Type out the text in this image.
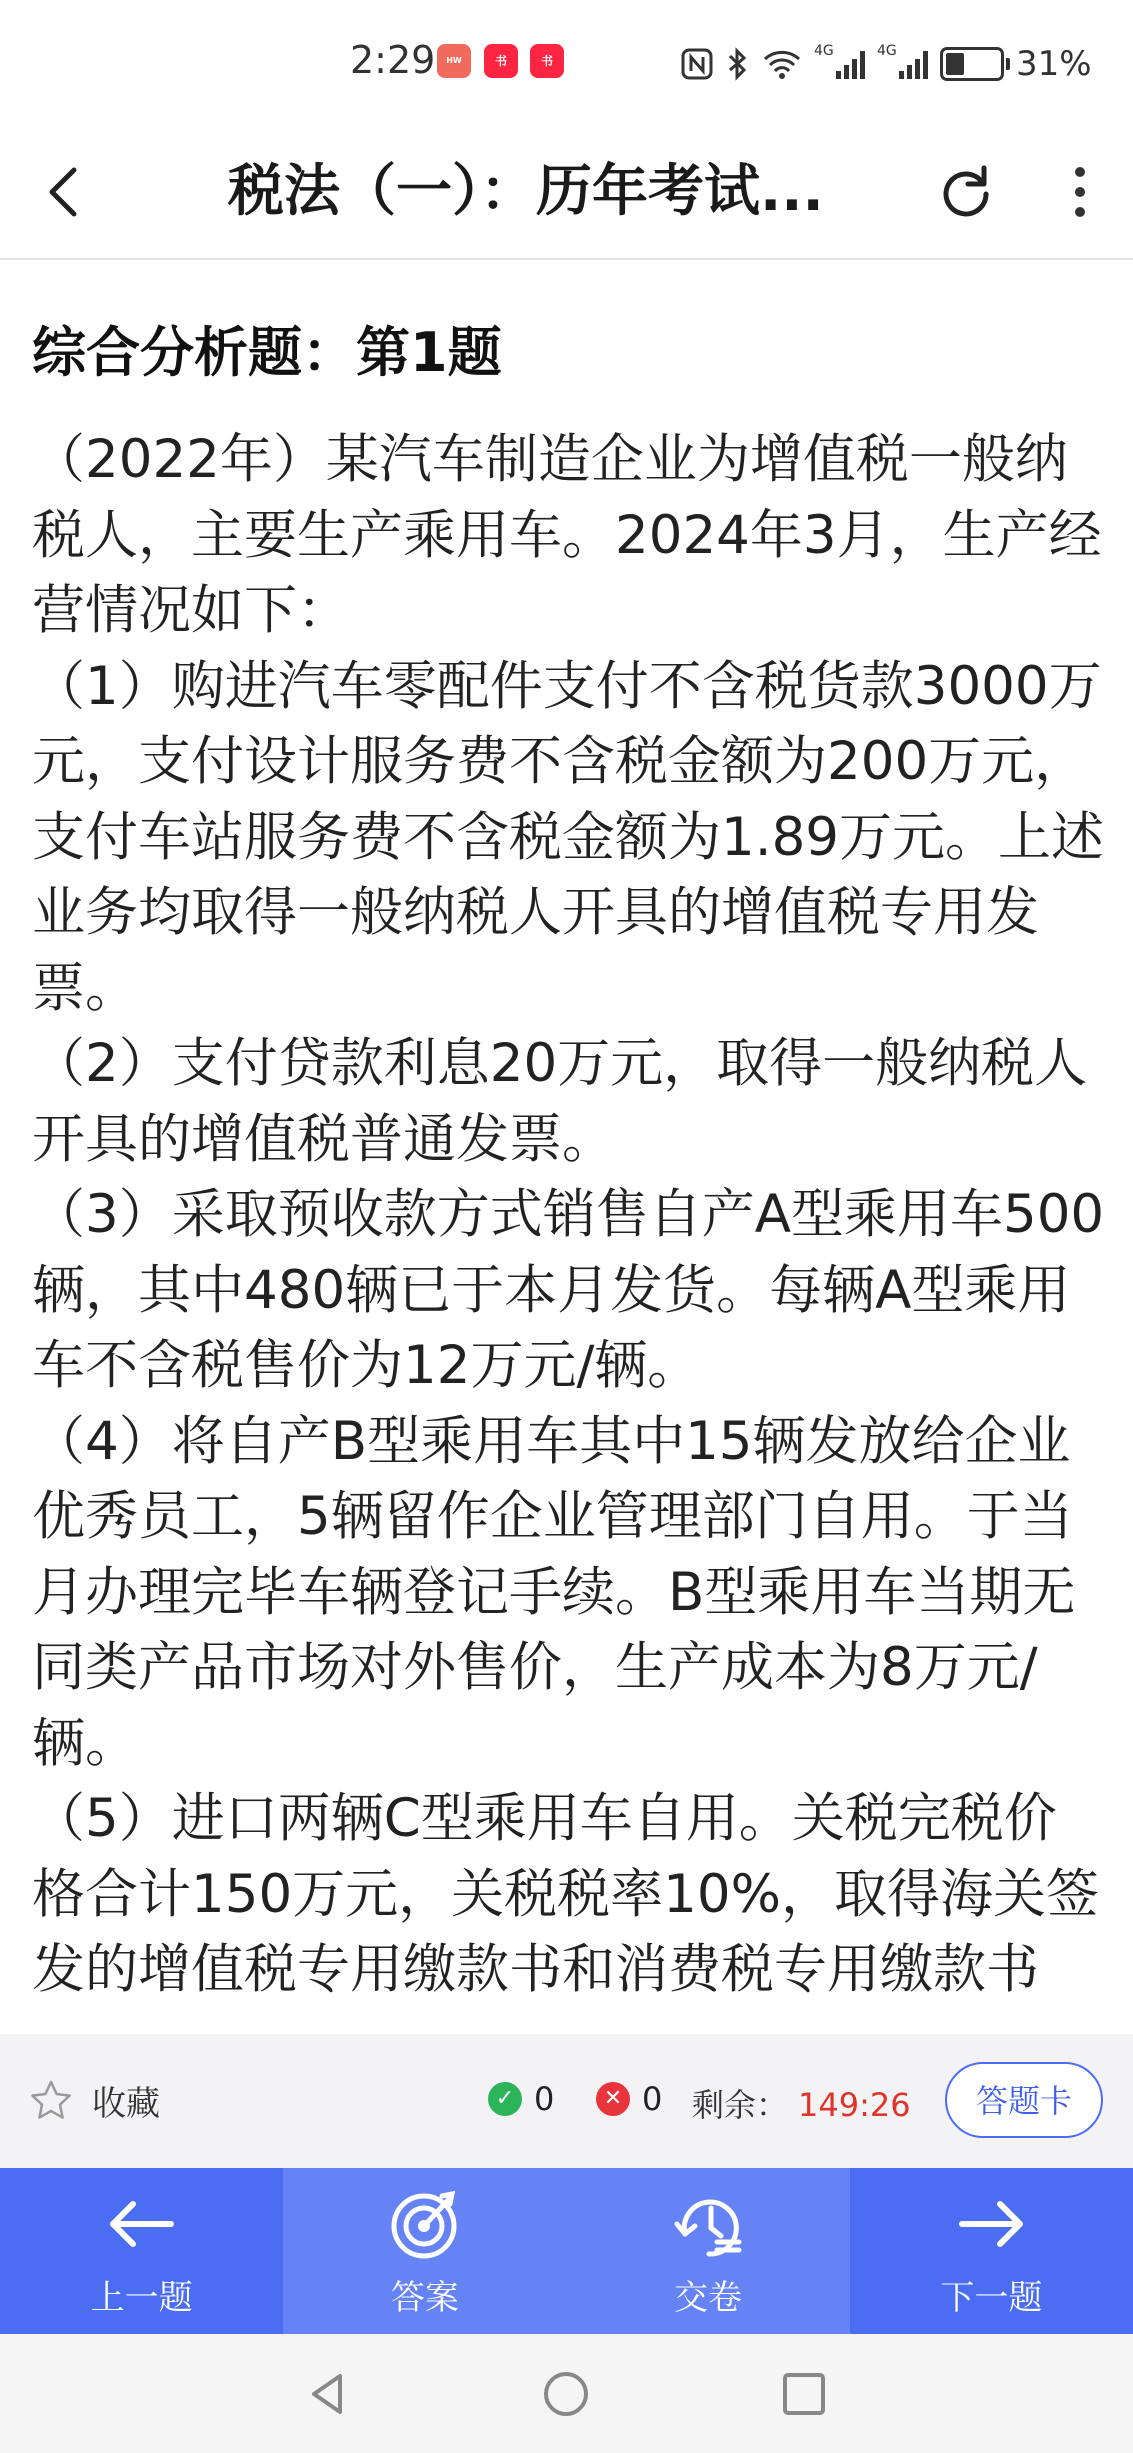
2:29	HW	书	书
4G	4G	31%
税法（一）：历年考试...
综合分析题：第1题
（2022年）某汽车制造企业为增值税一般纳税人，主要生产乘用车。2024年3月，生产经营情况如下：
（1）购进汽车零配件支付不含税货款3000万元，支付设计服务费不含税金额为200万元，支付车站服务费不含税金额为1.89万元。上述业务均取得一般纳税人开具的增值税专用发票。
（2）支付贷款利息20万元，取得一般纳税人开具的增值税普通发票。
（3）采取预收款方式销售自产A型乘用车500辆，其中480辆已于本月发货。每辆A型乘用车不含税售价为12万元/辆。
（4）将自产B型乘用车其中15辆发放给企业优秀员工，5辆留作企业管理部门自用。于当月办理完毕车辆登记手续。B型乘用车当期无同类产品市场对外售价，生产成本为8万元/辆。
（5）进口两辆C型乘用车自用。关税完税价格合计150万元，关税税率10%，取得海关签发的增值税专用缴款书和消费税专用缴款书
收藏	✓ 0	✕ 0 剩余： 149:26	答题卡
上一题	答案	交卷	下一题
